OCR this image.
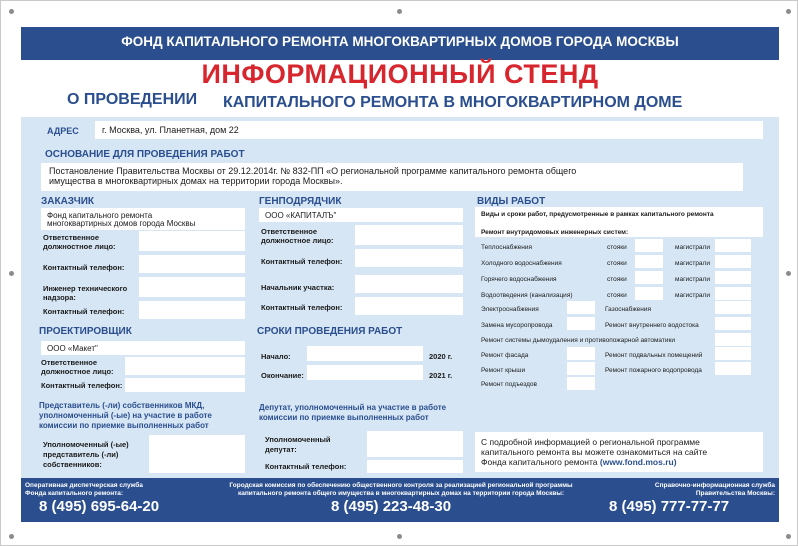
ФОНД КАПИТАЛЬНОГО РЕМОНТА МНОГОКВАРТИРНЫХ ДОМОВ ГОРОДА МОСКВЫ
ИНФОРМАЦИОННЫЙ СТЕНД
О ПРОВЕДЕНИИ КАПИТАЛЬНОГО РЕМОНТА В МНОГОКВАРТИРНОМ ДОМЕ
АДРЕС	г. Москва, ул. Планетная, дом 22
ОСНОВАНИЕ ДЛЯ ПРОВЕДЕНИЯ РАБОТ
Постановление Правительства Москвы от 29.12.2014г. № 832-ПП «О региональной программе капитального ремонта общего
имущества в многоквартирных домах на территории города Москвы».
ЗАКАЗЧИК
Фонд капитального ремонта
многоквартирных домов города Москвы
Ответственное
должностное лицо:
Контактный телефон:
Инженер технического
надзора:
Контактный телефон:
ГЕНПОДРЯДЧИК
ООО «КАПИТАЛЪ"
Ответственное
должностное лицо:
Контактный телефон:
Начальник участка:
Контактный телефон:
ПРОЕКТИРОВЩИК
ООО «Макет"
Ответственное
должностное лицо:
Контактный телефон:
СРОКИ ПРОВЕДЕНИЯ РАБОТ
Начало:	2020 г.
Окончание:	2021 г.
ВИДЫ РАБОТ
Виды и сроки работ, предусмотренные в рамках капитального ремонта
Ремонт внутридомовых инженерных систем:
Теплоснабжения	стояки	магистрали
Холодного водоснабжения	стояки	магистрали
Горячего водоснабжения	стояки	магистрали
Водоотведения (канализация)	стояки	магистрали
Электроснабжения	Газоснабжения
Замена мусоропровода	Ремонт внутреннего водостока
Ремонт системы дымоудаления и противопожарной автоматики
Ремонт фасада	Ремонт подвальных помещений
Ремонт крыши	Ремонт пожарного водопровода
Ремонт подъездов
Представитель (-ли) собственников МКД,
уполномоченный (-ые) на участие в работе
комиссии по приемке выполненных работ
Уполномоченный (-ые)
представитель (-ли)
собственников:
Депутат, уполномоченный на участие в работе
комиссии по приемке выполненных работ
Уполномоченный
депутат:
Контактный телефон:
С подробной информацией о региональной программе
капитального ремонта вы можете ознакомиться на сайте
Фонда капитального ремонта (www.fond.mos.ru)
Оперативная диспетчерская служба
Фонда капитального ремонта:
8 (495) 695-64-20
Городская комиссия по обеспечению общественного контроля за реализацией региональной программы
капитального ремонта общего имущества в многоквартирных домах на территории города Москвы:
8 (495) 223-48-30
Справочно-информационная служба
Правительства Москвы:
8 (495) 777-77-77
